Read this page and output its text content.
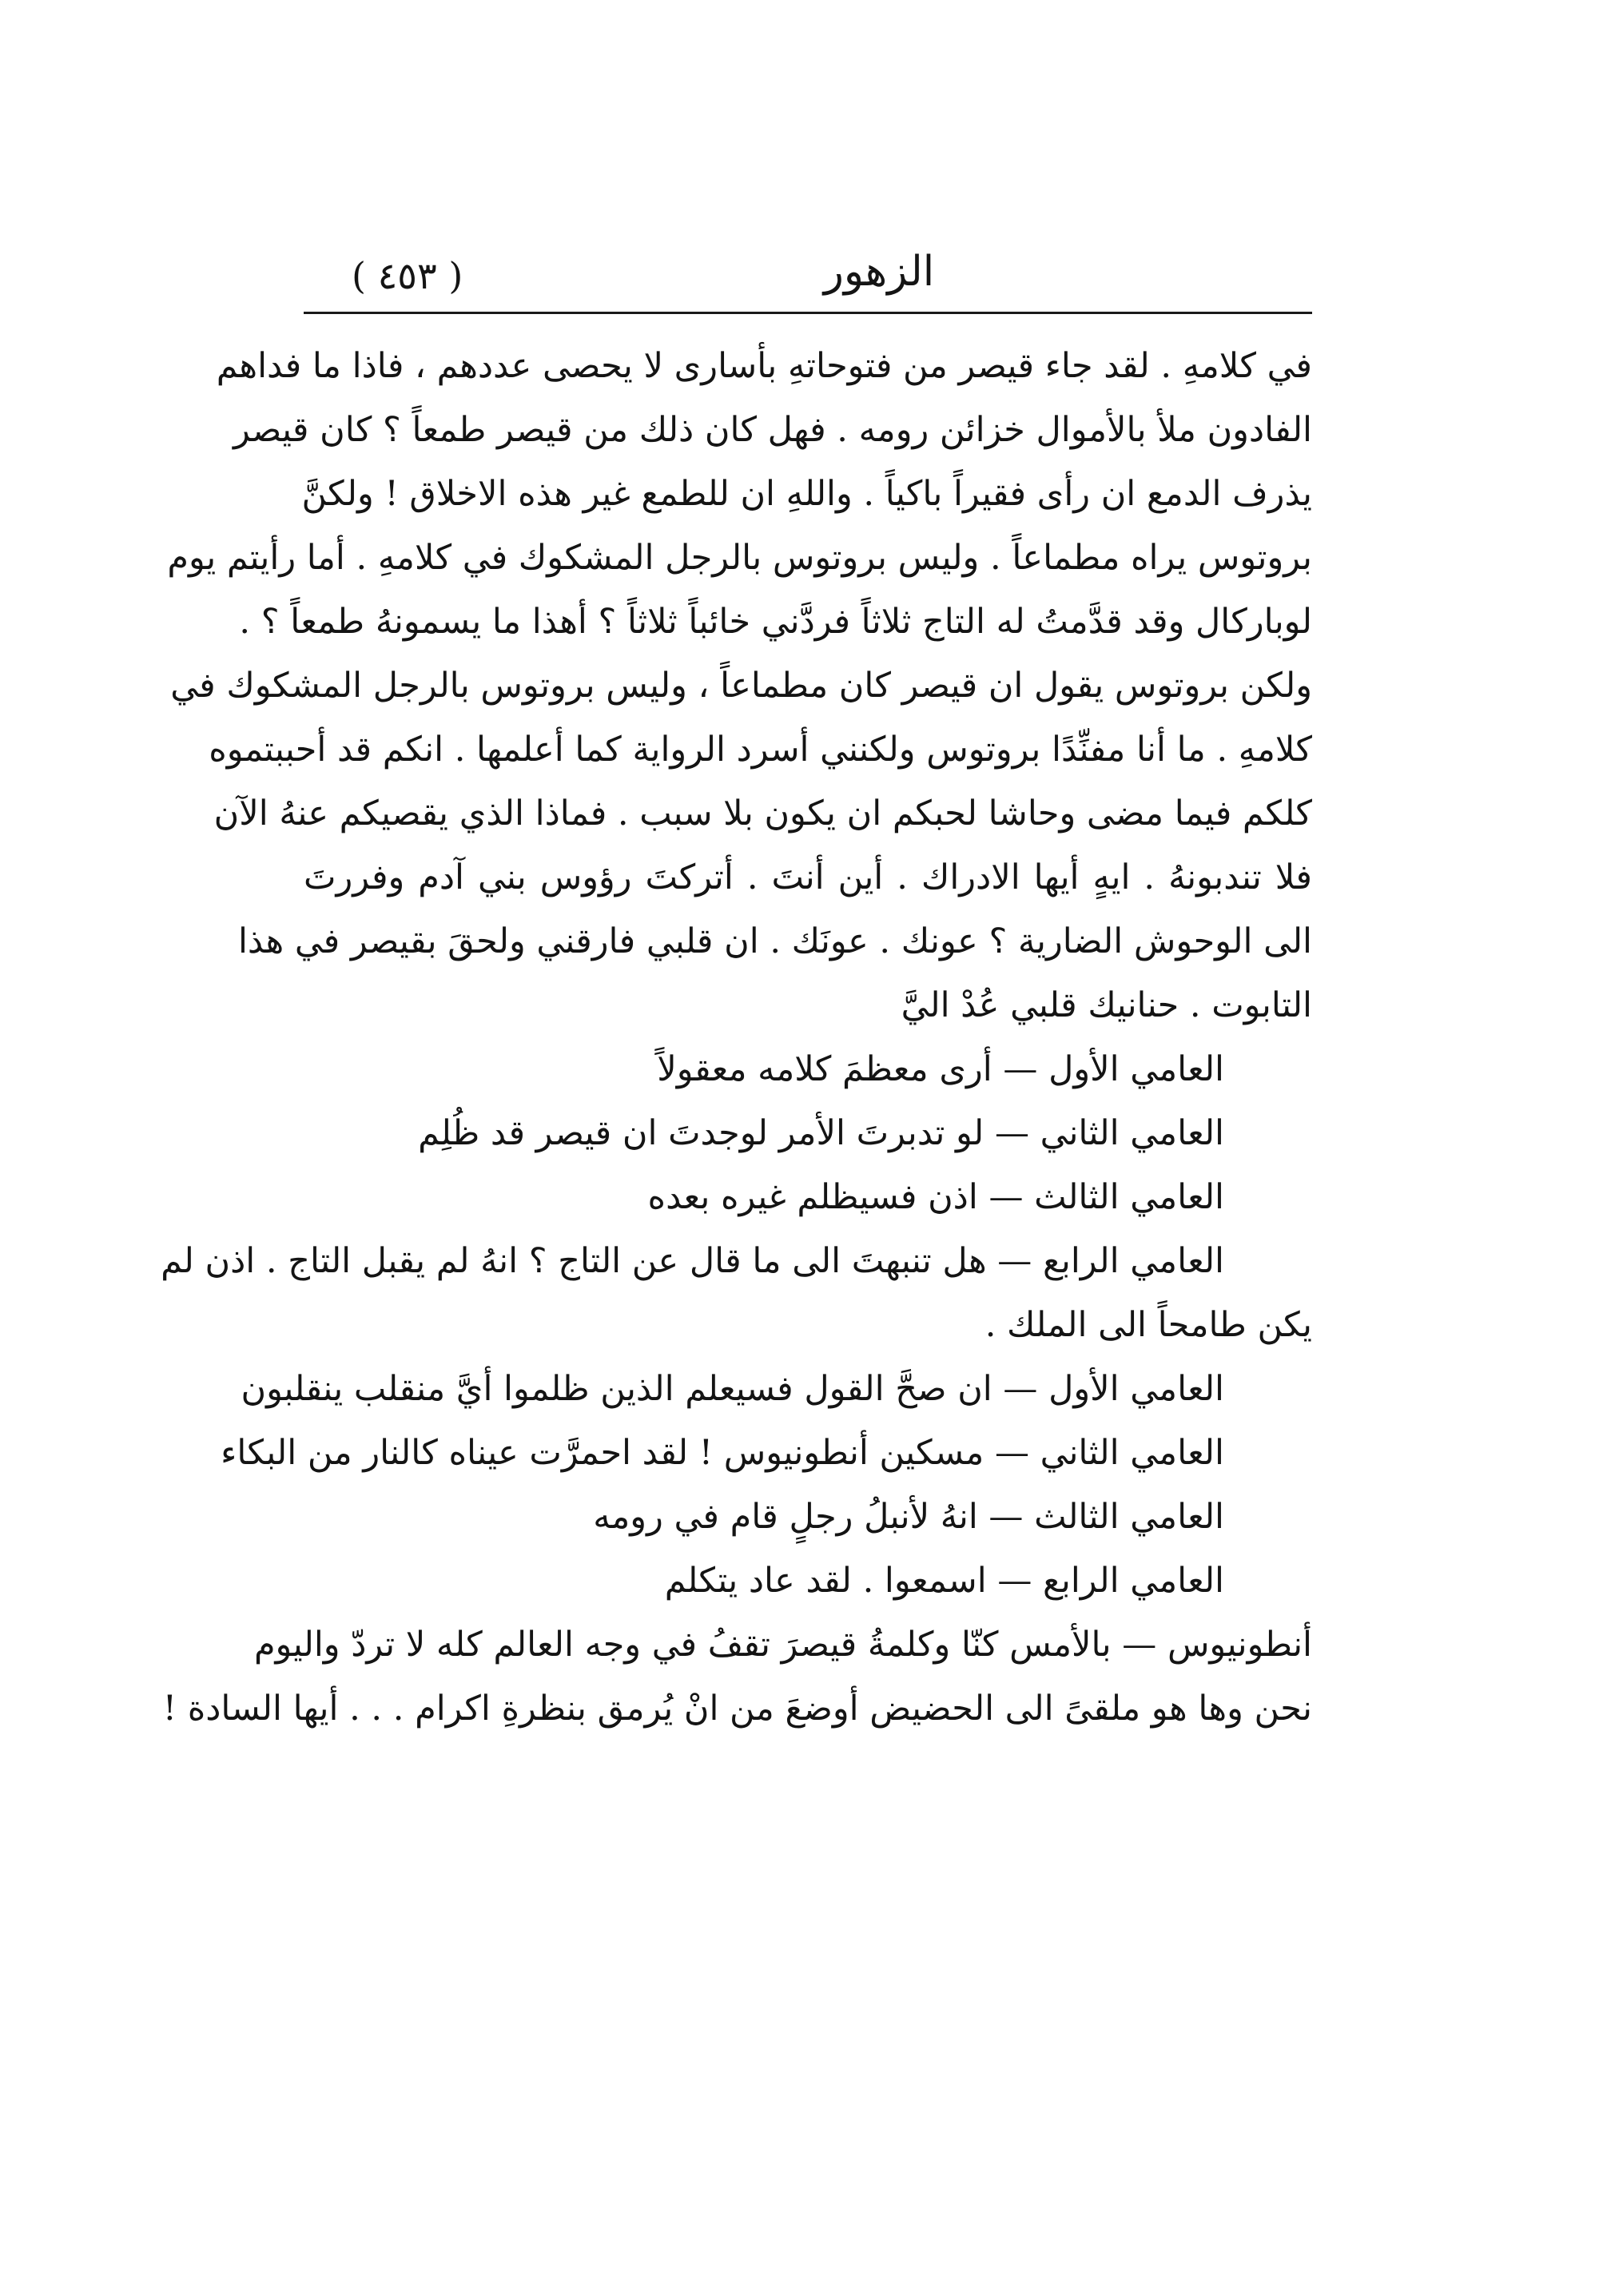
( ٤٥٣ )	الزهور
في كلامهِ . لقد جاء قيصر من فتوحاتهِ بأسارى لا يحصى عددهم ، فاذا ما فداهم
الفادون ملأ بالأموال خزائن رومه . فهل كان ذلك من قيصر طمعاً ؟ كان قيصر
يذرف الدمع ان رأى فقيراً باكياً . واللهِ ان للطمع غير هذه الاخلاق ! ولكنَّ
بروتوس يراه مطماعاً . وليس بروتوس بالرجل المشكوك في كلامهِ . أما رأيتم يوم
لوباركال وقد قدَّمتُ له التاج ثلاثاً فردَّني خائباً ثلاثاً ؟ أهذا ما يسمونهُ طمعاً ؟ .
ولكن بروتوس يقول ان قيصر كان مطماعاً ، وليس بروتوس بالرجل المشكوك في
كلامهِ . ما أنا مفنِّدًا بروتوس ولكنني أسرد الرواية كما أعلمها . انكم قد أحببتموه
كلكم فيما مضى وحاشا لحبكم ان يكون بلا سبب . فماذا الذي يقصيكم عنهُ الآن
فلا تندبونهُ . ايهٍ أيها الادراك . أين أنتَ . أتركتَ رؤوس بني آدم وفررتَ
الى الوحوش الضارية ؟ عونك . عونَك . ان قلبي فارقني ولحقَ بقيصر في هذا
التابوت . حنانيك قلبي عُدْ اليَّ
العامي الأول — أرى معظمَ كلامه معقولاً
العامي الثاني — لو تدبرتَ الأمر لوجدتَ ان قيصر قد ظُلِم
العامي الثالث — اذن فسيظلم غيره بعده
العامي الرابع — هل تنبهتَ الى ما قال عن التاج ؟ انهُ لم يقبل التاج . اذن لم
يكن طامحاً الى الملك .
العامي الأول — ان صحَّ القول فسيعلم الذين ظلموا أيَّ منقلب ينقلبون
العامي الثاني — مسكين أنطونيوس ! لقد احمرَّت عيناه كالنار من البكاء
العامي الثالث — انهُ لأنبلُ رجلٍ قام في رومه
العامي الرابع — اسمعوا . لقد عاد يتكلم
أنطونيوس — بالأمس كنّا وكلمةُ قيصرَ تقفُ في وجه العالم كله لا تردّ واليوم
نحن وها هو ملقىً الى الحضيض أوضعَ من انْ يُرمق بنظرةِ اكرام . . . أيها السادة !
